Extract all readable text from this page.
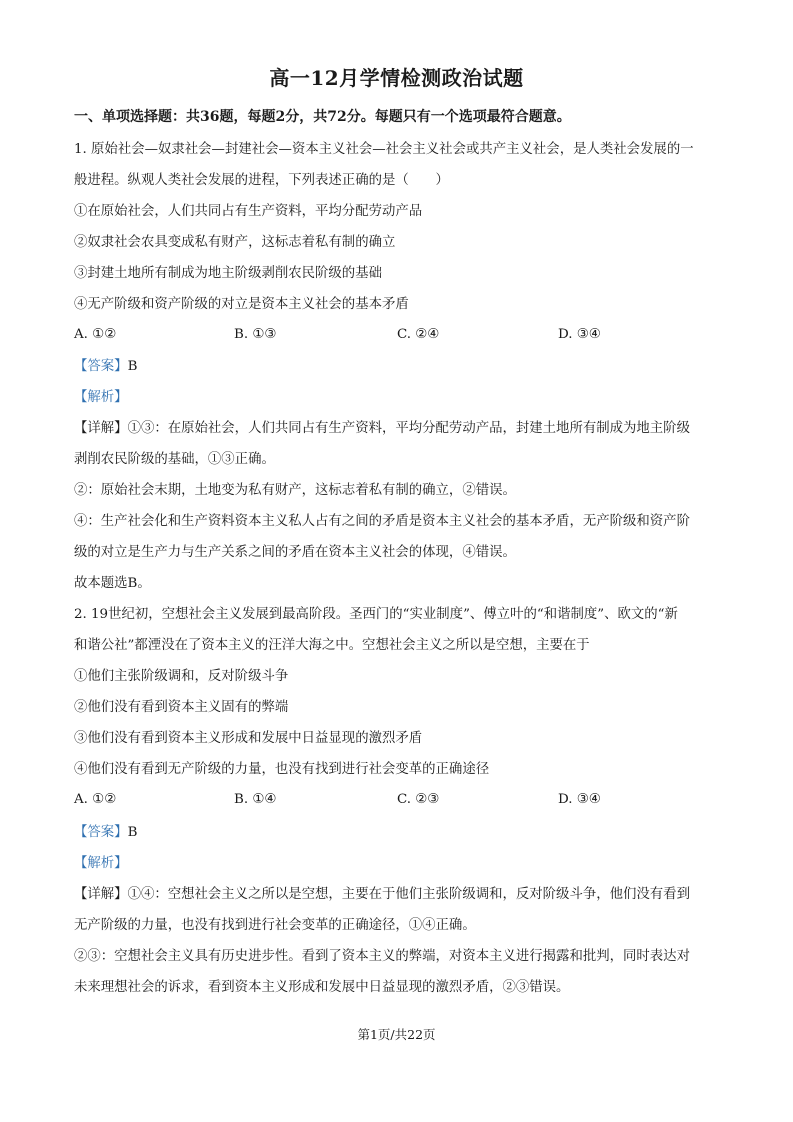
高一12月学情检测政治试题
一、单项选择题：共36题，每题2分，共72分。每题只有一个选项最符合题意。
1. 原始社会—奴隶社会—封建社会—资本主义社会—社会主义社会或共产主义社会，是人类社会发展的一
般进程。纵观人类社会发展的进程，下列表述正确的是（　　）
①在原始社会，人们共同占有生产资料，平均分配劳动产品
②奴隶社会农具变成私有财产，这标志着私有制的确立
③封建土地所有制成为地主阶级剥削农民阶级的基础
④无产阶级和资产阶级的对立是资本主义社会的基本矛盾
A. ①②	B. ①③	C. ②④	D. ③④
【答案】B
【解析】
【详解】①③：在原始社会，人们共同占有生产资料，平均分配劳动产品，封建土地所有制成为地主阶级
剥削农民阶级的基础，①③正确。
②：原始社会末期，土地变为私有财产，这标志着私有制的确立，②错误。
④：生产社会化和生产资料资本主义私人占有之间的矛盾是资本主义社会的基本矛盾，无产阶级和资产阶
级的对立是生产力与生产关系之间的矛盾在资本主义社会的体现，④错误。
故本题选B。
2. 19世纪初，空想社会主义发展到最高阶段。圣西门的“实业制度”、傅立叶的“和谐制度”、欧文的“新
和谐公社”都湮没在了资本主义的汪洋大海之中。空想社会主义之所以是空想，主要在于
①他们主张阶级调和，反对阶级斗争
②他们没有看到资本主义固有的弊端
③他们没有看到资本主义形成和发展中日益显现的激烈矛盾
④他们没有看到无产阶级的力量，也没有找到进行社会变革的正确途径
A. ①②	B. ①④	C. ②③	D. ③④
【答案】B
【解析】
【详解】①④：空想社会主义之所以是空想，主要在于他们主张阶级调和，反对阶级斗争，他们没有看到
无产阶级的力量，也没有找到进行社会变革的正确途径，①④正确。
②③：空想社会主义具有历史进步性。看到了资本主义的弊端，对资本主义进行揭露和批判，同时表达对
未来理想社会的诉求，看到资本主义形成和发展中日益显现的激烈矛盾，②③错误。
第1页/共22页
